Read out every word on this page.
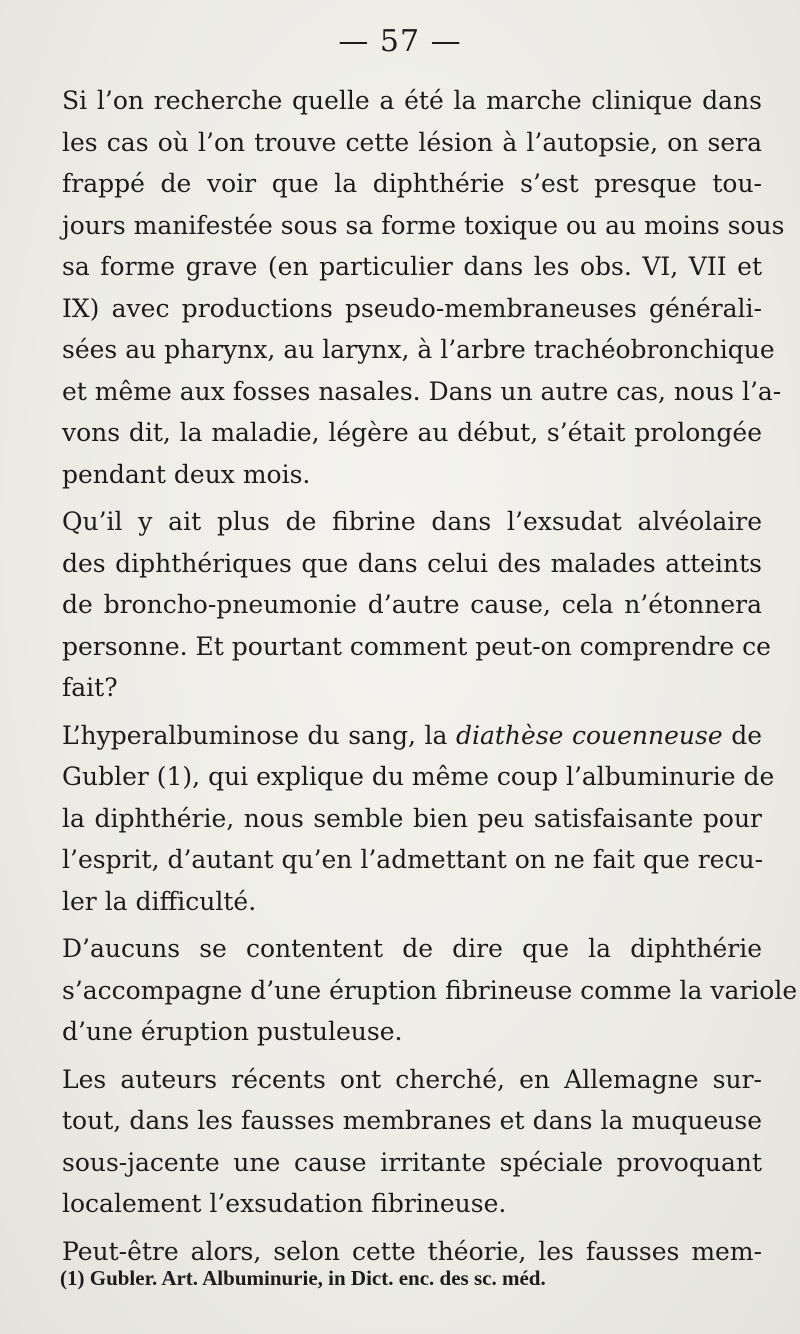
— 57 —

Si l’on recherche quelle a été la marche clinique dans
les cas où l’on trouve cette lésion à l’autopsie, on sera
frappé de voir que la diphthérie s’est presque tou-
jours manifestée sous sa forme toxique ou au moins sous
sa forme grave (en particulier dans les obs. VI, VII et
IX) avec productions pseudo-membraneuses générali-
sées au pharynx, au larynx, à l’arbre trachéobronchique
et même aux fosses nasales. Dans un autre cas, nous l’a-
vons dit, la maladie, légère au début, s’était prolongée
pendant deux mois.

Qu’il y ait plus de fibrine dans l’exsudat alvéolaire
des diphthériques que dans celui des malades atteints
de broncho-pneumonie d’autre cause, cela n’étonnera
personne. Et pourtant comment peut-on comprendre ce
fait?

L’hyperalbuminose du sang, la diathèse couenneuse de
Gubler (1), qui explique du même coup l’albuminurie de
la diphthérie, nous semble bien peu satisfaisante pour
l’esprit, d’autant qu’en l’admettant on ne fait que recu-
ler la difficulté.

D’aucuns se contentent de dire que la diphthérie
s’accompagne d’une éruption fibrineuse comme la variole
d’une éruption pustuleuse.

Les auteurs récents ont cherché, en Allemagne sur-
tout, dans les fausses membranes et dans la muqueuse
sous-jacente une cause irritante spéciale provoquant
localement l’exsudation fibrineuse.

Peut-être alors, selon cette théorie, les fausses mem-

(1) Gubler. Art. Albuminurie, in Dict. enc. des sc. méd.
